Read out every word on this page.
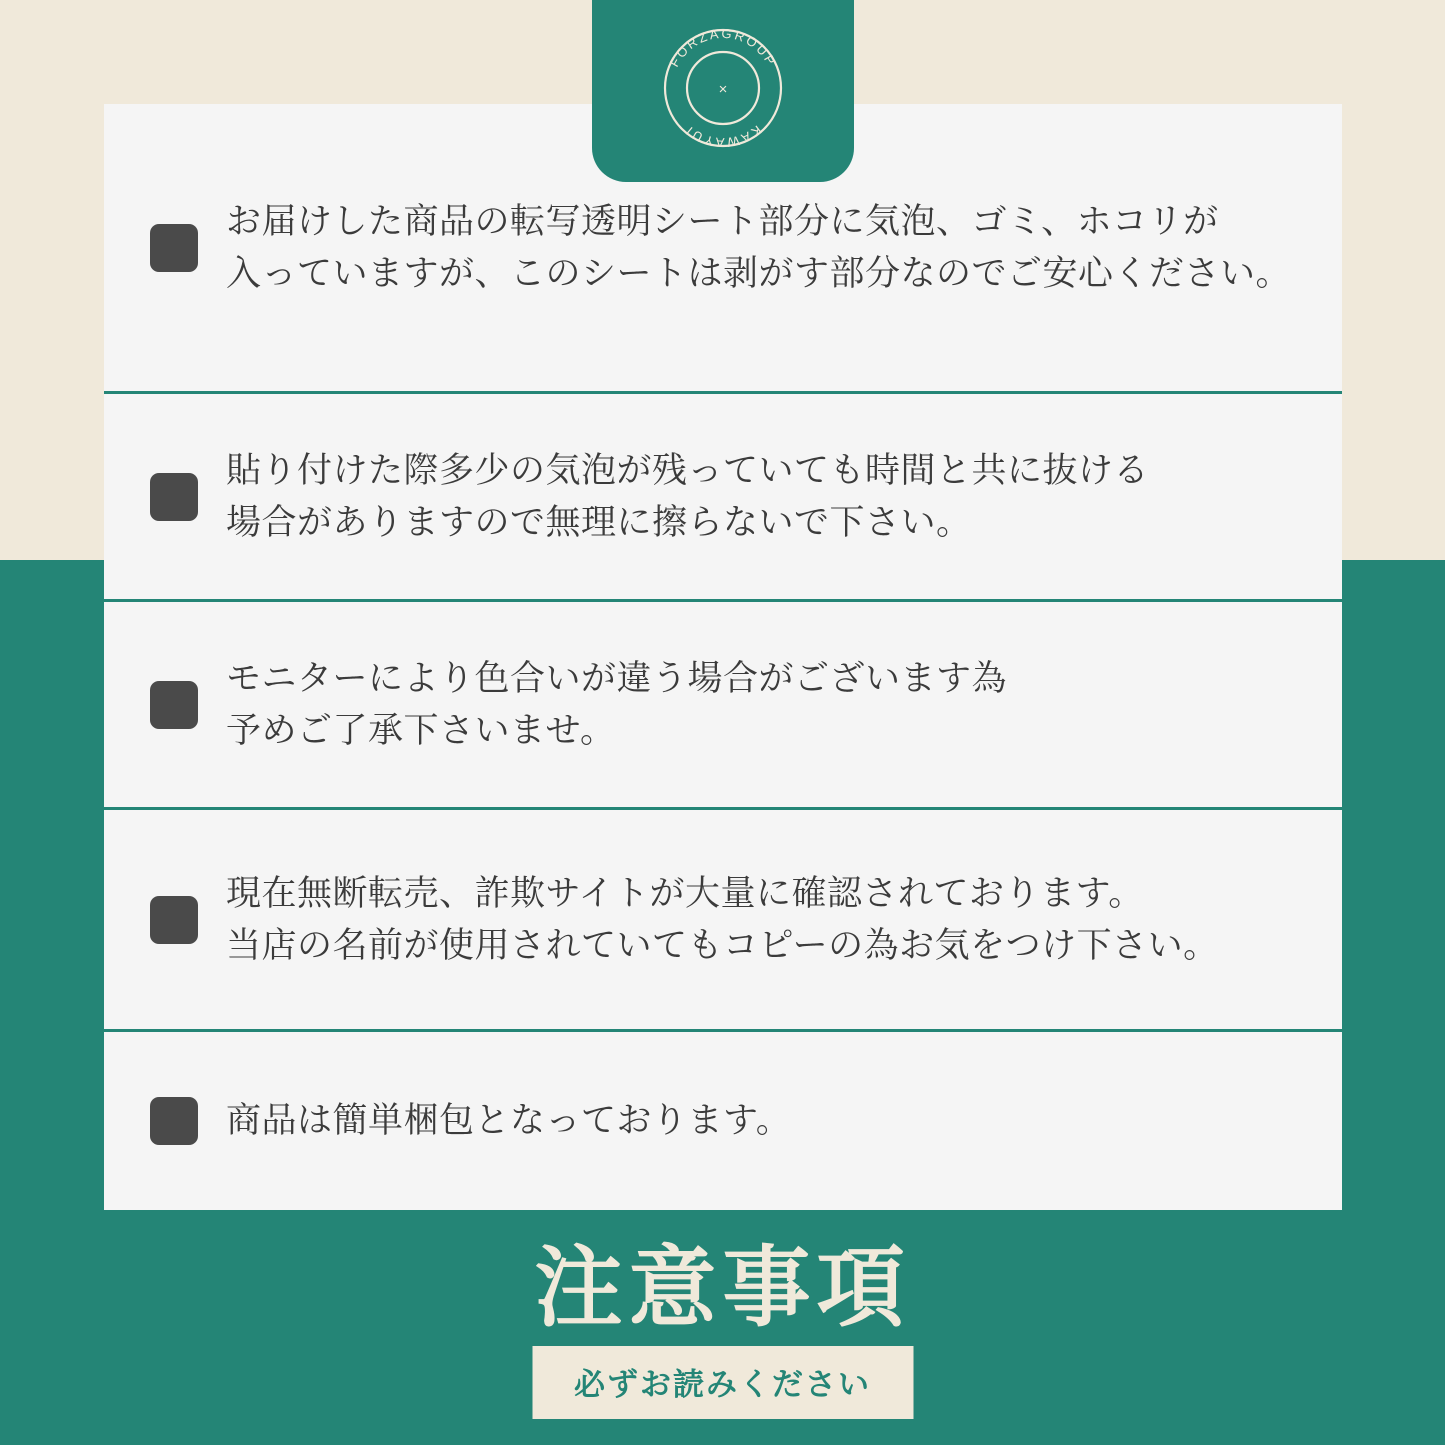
FORZAGROUP
KAWAYUI
×
お届けした商品の転写透明シート部分に気泡、ゴミ、ホコリが
入っていますが、このシートは剥がす部分なのでご安心ください。
貼り付けた際多少の気泡が残っていても時間と共に抜ける
場合がありますので無理に擦らないで下さい。
モニターにより色合いが違う場合がございます為
予めご了承下さいませ。
現在無断転売、詐欺サイトが大量に確認されております。
当店の名前が使用されていてもコピーの為お気をつけ下さい。
商品は簡単梱包となっております。
注意事項
必ずお読みください
